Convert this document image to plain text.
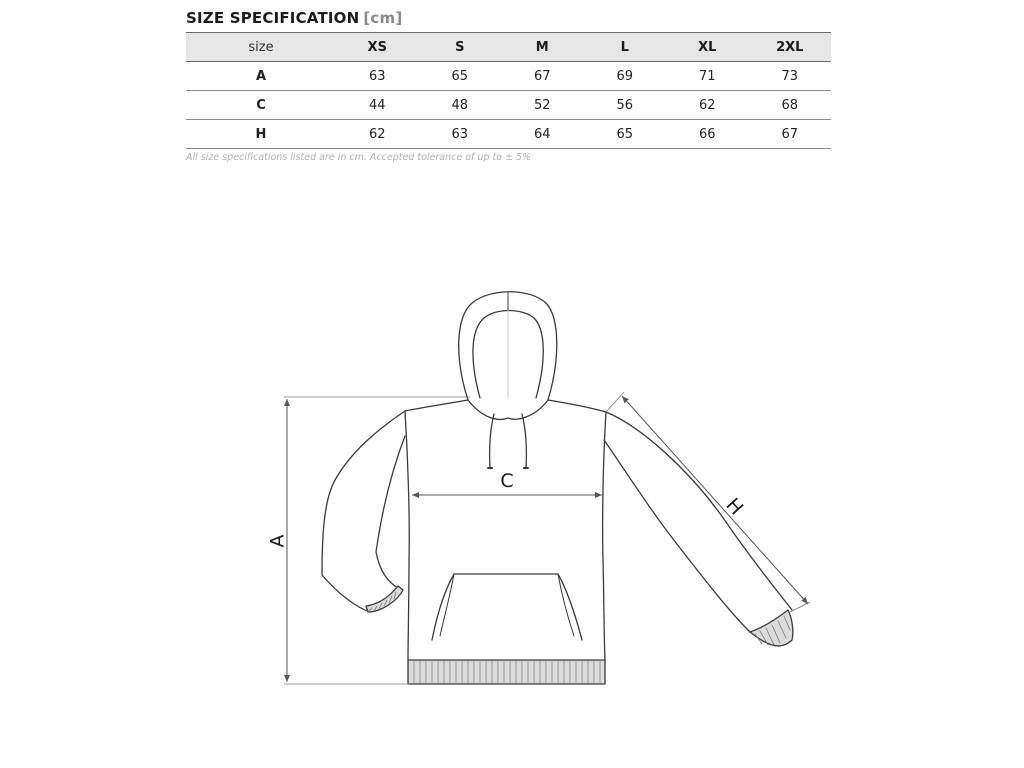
SIZE SPECIFICATION [cm]
size	XS	S	M	L	XL	2XL
A	63	65	67	69	71	73
C	44	48	52	56	62	68
H	62	63	64	65	66	67
All size specifications listed are in cm. Accepted tolerance of up to ± 5%
A
C
H
